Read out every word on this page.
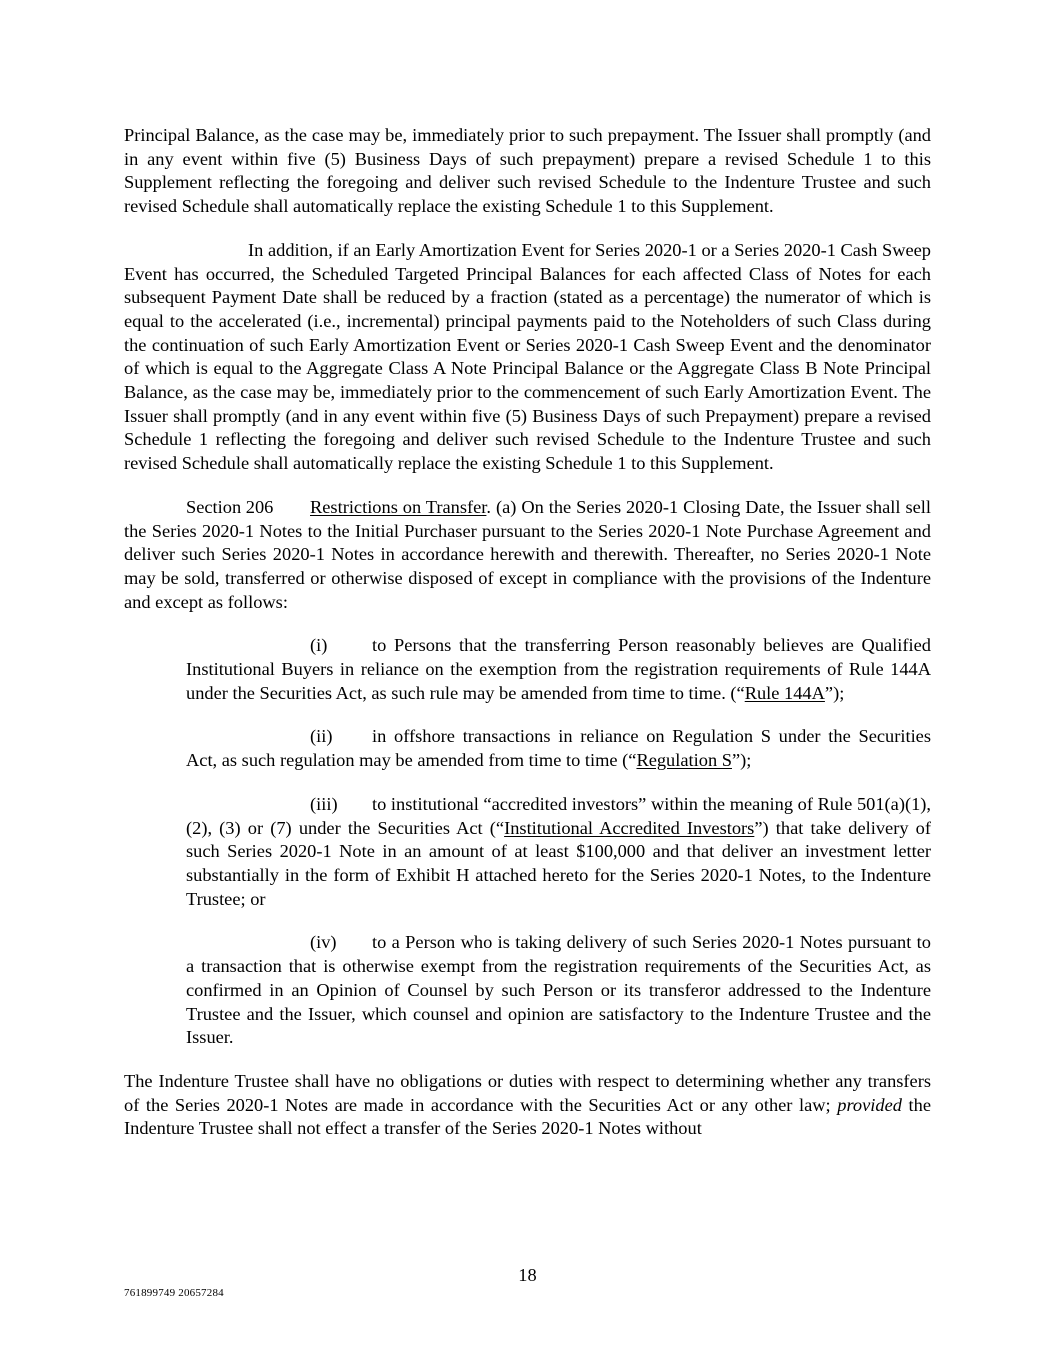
Principal Balance, as the case may be, immediately prior to such prepayment. The Issuer shall promptly (and in any event within five (5) Business Days of such prepayment) prepare a revised Schedule 1 to this Supplement reflecting the foregoing and deliver such revised Schedule to the Indenture Trustee and such revised Schedule shall automatically replace the existing Schedule 1 to this Supplement.

In addition, if an Early Amortization Event for Series 2020-1 or a Series 2020-1 Cash Sweep Event has occurred, the Scheduled Targeted Principal Balances for each affected Class of Notes for each subsequent Payment Date shall be reduced by a fraction (stated as a percentage) the numerator of which is equal to the accelerated (i.e., incremental) principal payments paid to the Noteholders of such Class during the continuation of such Early Amortization Event or Series 2020-1 Cash Sweep Event and the denominator of which is equal to the Aggregate Class A Note Principal Balance or the Aggregate Class B Note Principal Balance, as the case may be, immediately prior to the commencement of such Early Amortization Event. The Issuer shall promptly (and in any event within five (5) Business Days of such Prepayment) prepare a revised Schedule 1 reflecting the foregoing and deliver such revised Schedule to the Indenture Trustee and such revised Schedule shall automatically replace the existing Schedule 1 to this Supplement.

Section 206 Restrictions on Transfer. (a) On the Series 2020-1 Closing Date, the Issuer shall sell the Series 2020-1 Notes to the Initial Purchaser pursuant to the Series 2020-1 Note Purchase Agreement and deliver such Series 2020-1 Notes in accordance herewith and therewith. Thereafter, no Series 2020-1 Note may be sold, transferred or otherwise disposed of except in compliance with the provisions of the Indenture and except as follows:

(i) to Persons that the transferring Person reasonably believes are Qualified Institutional Buyers in reliance on the exemption from the registration requirements of Rule 144A under the Securities Act, as such rule may be amended from time to time. (“Rule 144A”);

(ii) in offshore transactions in reliance on Regulation S under the Securities Act, as such regulation may be amended from time to time (“Regulation S”);

(iii) to institutional “accredited investors” within the meaning of Rule 501(a)(1), (2), (3) or (7) under the Securities Act (“Institutional Accredited Investors”) that take delivery of such Series 2020-1 Note in an amount of at least $100,000 and that deliver an investment letter substantially in the form of Exhibit H attached hereto for the Series 2020-1 Notes, to the Indenture Trustee; or

(iv) to a Person who is taking delivery of such Series 2020-1 Notes pursuant to a transaction that is otherwise exempt from the registration requirements of the Securities Act, as confirmed in an Opinion of Counsel by such Person or its transferor addressed to the Indenture Trustee and the Issuer, which counsel and opinion are satisfactory to the Indenture Trustee and the Issuer.

The Indenture Trustee shall have no obligations or duties with respect to determining whether any transfers of the Series 2020-1 Notes are made in accordance with the Securities Act or any other law; provided the Indenture Trustee shall not effect a transfer of the Series 2020-1 Notes without

18
761899749 20657284
